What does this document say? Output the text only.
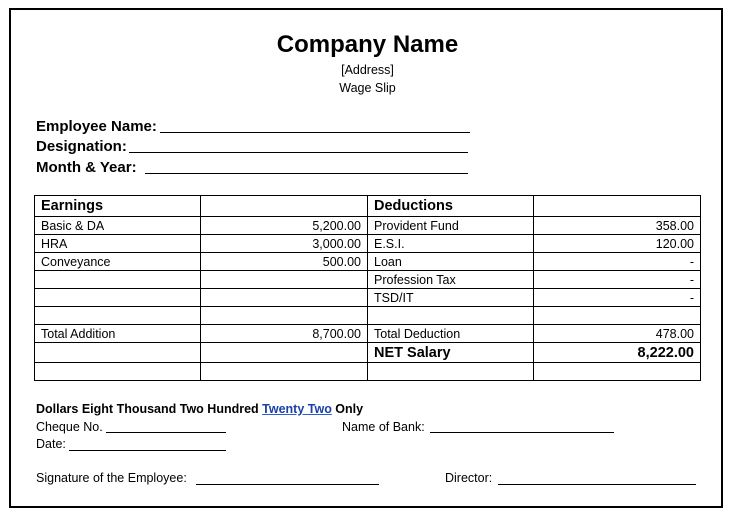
Company Name
[Address]
Wage Slip
Employee Name:
Designation:
Month & Year:
Earnings		Deductions	
Basic & DA	5,200.00	Provident Fund	358.00
HRA	3,000.00	E.S.I.	120.00
Conveyance	500.00	Loan	-
		Profession Tax	-
		TSD/IT	-

Total Addition	8,700.00	Total Deduction	478.00
		NET Salary	8,222.00

Dollars Eight Thousand Two Hundred Twenty Two Only
Cheque No.	Name of Bank:
Date:
Signature of the Employee:	Director:
